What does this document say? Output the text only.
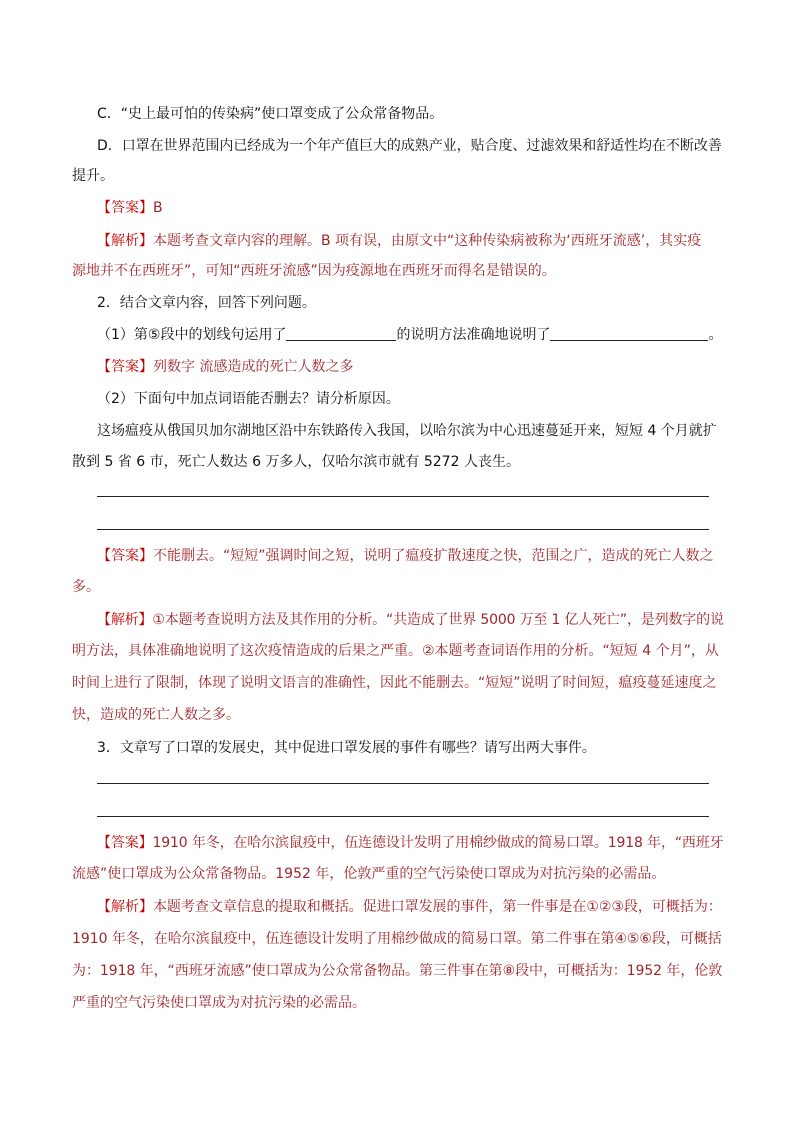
C．“史上最可怕的传染病”使口罩变成了公众常备物品。
D．口罩在世界范围内已经成为一个年产值巨大的成熟产业，贴合度、过滤效果和舒适性均在不断改善
提升。
【答案】B
【解析】本题考查文章内容的理解。B 项有误，由原文中“这种传染病被称为‘西班牙流感’，其实疫
源地并不在西班牙”，可知“西班牙流感”因为疫源地在西班牙而得名是错误的。
2．结合文章内容，回答下列问题。
（1）第⑤段中的划线句运用了	的说明方法准确地说明了	。
【答案】列数字 流感造成的死亡人数之多
（2）下面句中加点词语能否删去？请分析原因。
这场瘟疫从俄国贝加尔湖地区沿中东铁路传入我国，以哈尔滨为中心迅速蔓延开来，短短 4 个月就扩
散到 5 省 6 市，死亡人数达 6 万多人，仅哈尔滨市就有 5272 人丧生。
【答案】不能删去。“短短”强调时间之短，说明了瘟疫扩散速度之快，范围之广，造成的死亡人数之
多。
【解析】①本题考查说明方法及其作用的分析。“共造成了世界 5000 万至 1 亿人死亡”，是列数字的说
明方法，具体准确地说明了这次疫情造成的后果之严重。②本题考查词语作用的分析。“短短 4 个月”，从
时间上进行了限制，体现了说明文语言的准确性，因此不能删去。“短短”说明了时间短，瘟疫蔓延速度之
快，造成的死亡人数之多。
3．文章写了口罩的发展史，其中促进口罩发展的事件有哪些？请写出两大事件。
【答案】1910 年冬，在哈尔滨鼠疫中，伍连德设计发明了用棉纱做成的简易口罩。1918 年，“西班牙
流感”使口罩成为公众常备物品。1952 年，伦敦严重的空气污染使口罩成为对抗污染的必需品。
【解析】本题考查文章信息的提取和概括。促进口罩发展的事件，第一件事是在①②③段，可概括为：
1910 年冬，在哈尔滨鼠疫中，伍连德设计发明了用棉纱做成的简易口罩。第二件事在第④⑤⑥段，可概括
为：1918 年，“西班牙流感”使口罩成为公众常备物品。第三件事在第⑧段中，可概括为：1952 年，伦敦
严重的空气污染使口罩成为对抗污染的必需品。
